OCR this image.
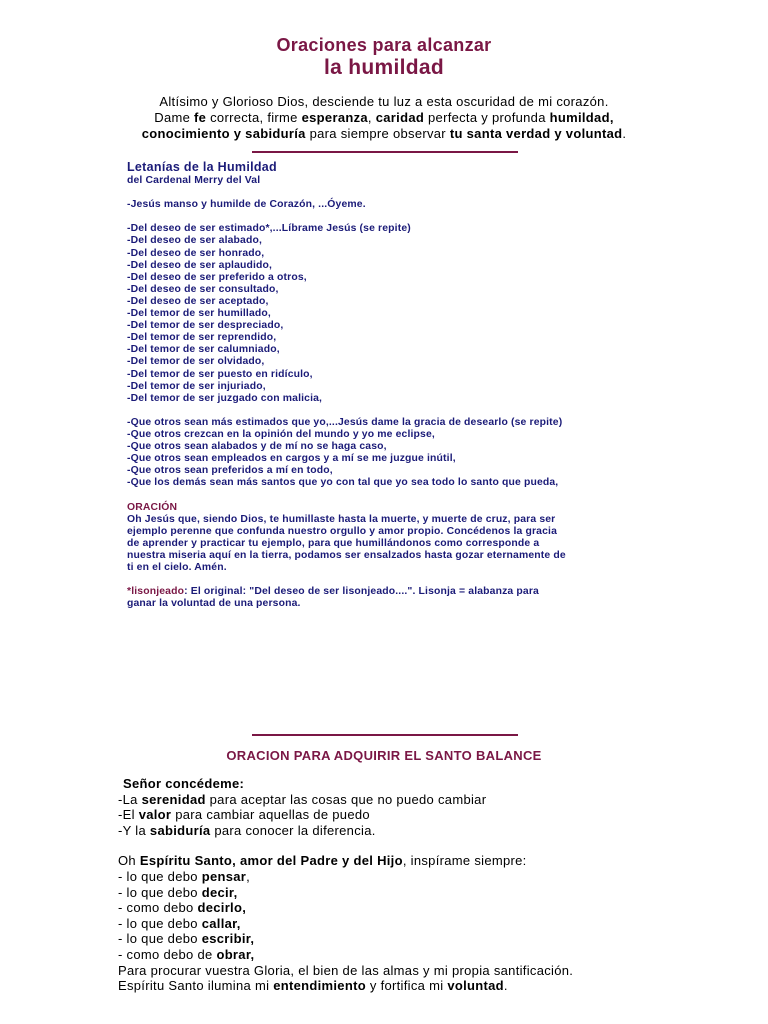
Oraciones para alcanzar
la humildad
Altísimo y Glorioso Dios, desciende tu luz a esta oscuridad de mi corazón.
Dame fe correcta, firme esperanza, caridad perfecta y profunda humildad,
conocimiento y sabiduría para siempre observar tu santa verdad y voluntad.
Letanías de la Humildad
del Cardenal Merry del Val
-Jesús manso y humilde de Corazón, ...Óyeme.
-Del deseo de ser estimado*,...Líbrame Jesús (se repite)
-Del deseo de ser alabado,
-Del deseo de ser honrado,
-Del deseo de ser aplaudido,
-Del deseo de ser preferido a otros,
-Del deseo de ser consultado,
-Del deseo de ser aceptado,
-Del temor de ser humillado,
-Del temor de ser despreciado,
-Del temor de ser reprendido,
-Del temor de ser calumniado,
-Del temor de ser olvidado,
-Del temor de ser puesto en ridículo,
-Del temor de ser injuriado,
-Del temor de ser juzgado con malicia,
-Que otros sean más estimados que yo,...Jesús dame la gracia de desearlo (se repite)
-Que otros crezcan en la opinión del mundo y yo me eclipse,
-Que otros sean alabados y de mí no se haga caso,
-Que otros sean empleados en cargos y a mí se me juzgue inútil,
-Que otros sean preferidos a mí en todo,
-Que los demás sean más santos que yo con tal que yo sea todo lo santo que pueda,
ORACIÓN
Oh Jesús que, siendo Dios, te humillaste hasta la muerte, y muerte de cruz, para ser
ejemplo perenne que confunda nuestro orgullo y amor propio. Concédenos la gracia
de aprender y practicar tu ejemplo, para que humillándonos como corresponde a
nuestra miseria aquí en la tierra, podamos ser ensalzados hasta gozar eternamente de
ti en el cielo. Amén.
*lisonjeado: El original: "Del deseo de ser lisonjeado....". Lisonja = alabanza para
ganar la voluntad de una persona.
ORACION PARA ADQUIRIR EL SANTO BALANCE
Señor concédeme:
-La serenidad para aceptar las cosas que no puedo cambiar
-El valor para cambiar aquellas de puedo
-Y la sabiduría para conocer la diferencia.
Oh Espíritu Santo, amor del Padre y del Hijo, inspírame siempre:
- lo que debo pensar,
- lo que debo decir,
- como debo decirlo,
- lo que debo callar,
- lo que debo escribir,
- como debo de obrar,
Para procurar vuestra Gloria, el bien de las almas y mi propia santificación.
Espíritu Santo ilumina mi entendimiento y fortifica mi voluntad.
